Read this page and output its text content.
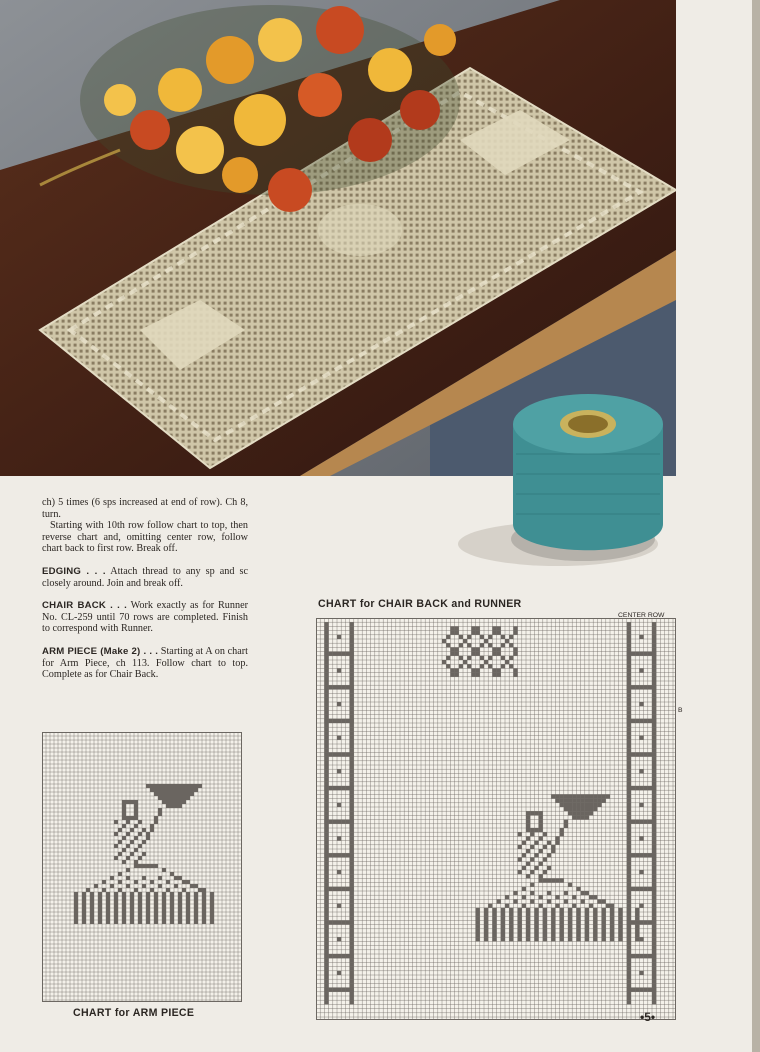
ch) 5 times (6 sps increased at end of row). Ch 8, turn.

Starting with 10th row follow chart to top, then reverse chart and, omitting center row, follow chart back to first row. Break off.

EDGING . . . Attach thread to any sp and sc closely around. Join and break off.

CHAIR BACK . . . Work exactly as for Runner No. CL-259 until 70 rows are completed. Finish to correspond with Runner.

ARM PIECE (Make 2) . . . Starting at A on chart for Arm Piece, ch 113. Follow chart to top. Complete as for Chair Back.

CHART for CHAIR BACK and RUNNER
CENTER ROW
B
CHART for ARM PIECE	•5•
